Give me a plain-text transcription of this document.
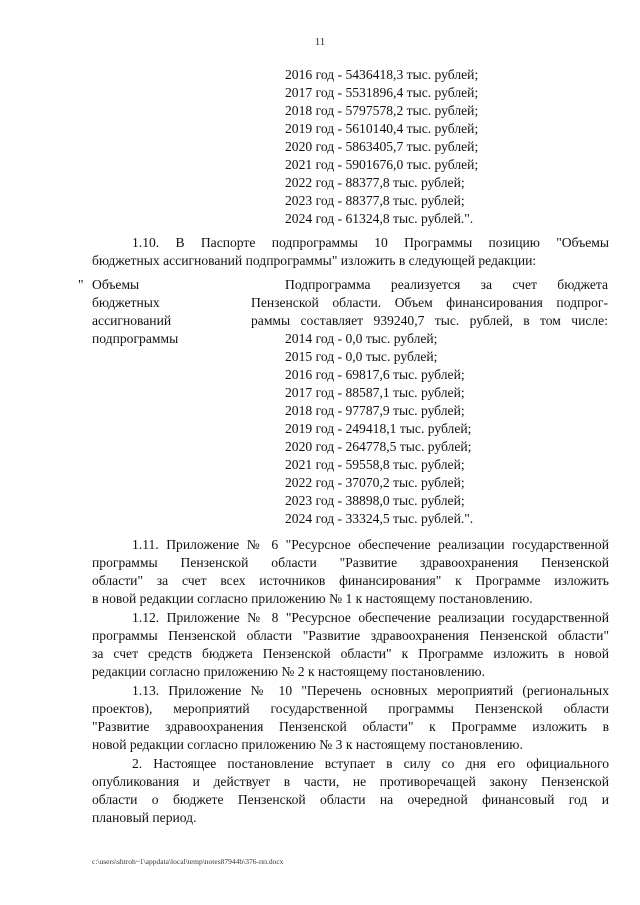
11
2016 год - 5436418,3 тыс. рублей;
2017 год - 5531896,4 тыс. рублей;
2018 год - 5797578,2 тыс. рублей;
2019 год - 5610140,4 тыс. рублей;
2020 год - 5863405,7 тыс. рублей;
2021 год - 5901676,0 тыс. рублей;
2022 год - 88377,8 тыс. рублей;
2023 год - 88377,8 тыс. рублей;
2024 год - 61324,8 тыс. рублей.".
1.10. В Паспорте подпрограммы 10 Программы позицию "Объемы
бюджетных ассигнований подпрограммы" изложить в следующей редакции:
" Объемы
бюджетных
ассигнований
подпрограммы
Подпрограмма реализуется за счет бюджета
Пензенской области. Объем финансирования подпрог-
раммы составляет 939240,7 тыс. рублей, в том числе:
2014 год - 0,0 тыс. рублей;
2015 год - 0,0 тыс. рублей;
2016 год - 69817,6 тыс. рублей;
2017 год - 88587,1 тыс. рублей;
2018 год - 97787,9 тыс. рублей;
2019 год - 249418,1 тыс. рублей;
2020 год - 264778,5 тыс. рублей;
2021 год - 59558,8 тыс. рублей;
2022 год - 37070,2 тыс. рублей;
2023 год - 38898,0 тыс. рублей;
2024 год - 33324,5 тыс. рублей.".
1.11. Приложение № 6 "Ресурсное обеспечение реализации государственной
программы Пензенской области "Развитие здравоохранения Пензенской
области" за счет всех источников финансирования" к Программе изложить
в новой редакции согласно приложению № 1 к настоящему постановлению.
1.12. Приложение № 8 "Ресурсное обеспечение реализации государственной
программы Пензенской области "Развитие здравоохранения Пензенской области"
за счет средств бюджета Пензенской области" к Программе изложить в новой
редакции согласно приложению № 2 к настоящему постановлению.
1.13. Приложение № 10 "Перечень основных мероприятий (региональных
проектов), мероприятий государственной программы Пензенской области
"Развитие здравоохранения Пензенской области" к Программе изложить в
новой редакции согласно приложению № 3 к настоящему постановлению.
2. Настоящее постановление вступает в силу со дня его официального
опубликования и действует в части, не противоречащей закону Пензенской
области о бюджете Пензенской области на очередной финансовый год и
плановый период.
c:\users\shtroh~1\appdata\local\temp\notes87944b\376-пп.docx
